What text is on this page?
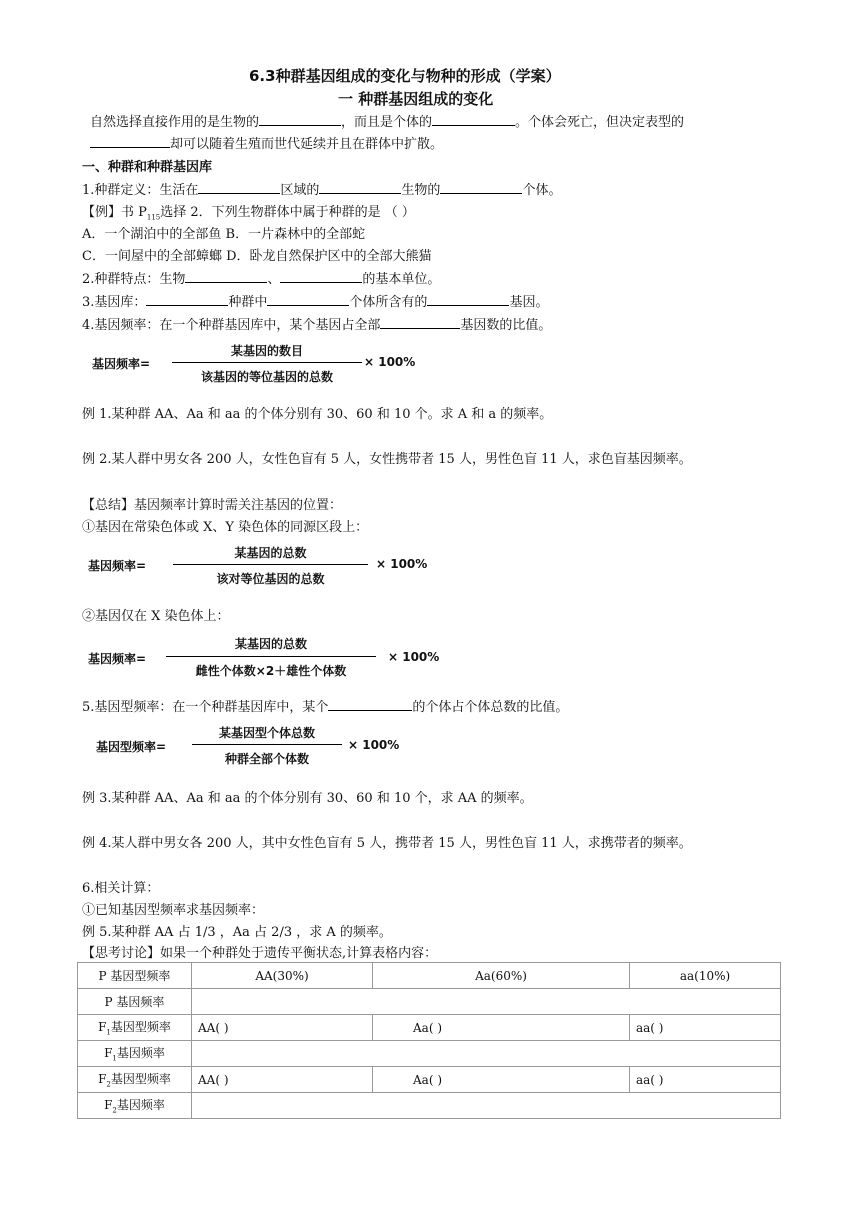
6.3种群基因组成的变化与物种的形成（学案）
一 种群基因组成的变化
自然选择直接作用的是生物的	，而且是个体的	。个体会死亡，但决定表型的
却可以随着生殖而世代延续并且在群体中扩散。
一、种群和种群基因库
1.种群定义：生活在	区域的	生物的	个体。
【例】书 $P_{115}$选择 2．下列生物群体中属于种群的是 （ ）
A．一个湖泊中的全部鱼 B．一片森林中的全部蛇
C．一间屋中的全部蟑螂 D．卧龙自然保护区中的全部大熊猫
2.种群特点：生物	、	的基本单位。
3.基因库：	种群中	个体所含有的	基因。
4.基因频率：在一个种群基因库中，某个基因占全部	基因数的比值。
基因频率=
某基因的数目
该基因的等位基因的总数
× 100%
例 1.某种群 AA、Aa 和 aa 的个体分别有 30、60 和 10 个。求 A 和 a 的频率。
例 2.某人群中男女各 200 人，女性色盲有 5 人，女性携带者 15 人，男性色盲 11 人，求色盲基因频率。
【总结】基因频率计算时需关注基因的位置：
①基因在常染色体或 X、Y 染色体的同源区段上：
基因频率=
某基因的总数
该对等位基因的总数
× 100%
②基因仅在 X 染色体上：
基因频率=
某基因的总数
雌性个体数×2＋雄性个体数
× 100%
5.基因型频率：在一个种群基因库中，某个	的个体占个体总数的比值。
基因型频率=
某基因型个体总数
种群全部个体数
× 100%
例 3.某种群 AA、Aa 和 aa 的个体分别有 30、60 和 10 个，求 AA 的频率。
例 4.某人群中男女各 200 人，其中女性色盲有 5 人，携带者 15 人，男性色盲 11 人，求携带者的频率。
6.相关计算：
①已知基因型频率求基因频率：
例 5.某种群 AA 占 1/3 ，Aa 占 2/3 ，求 A 的频率。
【思考讨论】如果一个种群处于遗传平衡状态,计算表格内容：
P 基因型频率	AA(30%)	Aa(60%)	aa(10%)
P 基因频率			
$F_1$基因型频率	AA( )	Aa( )	aa( )
$F_1$基因频率			
$F_2$基因型频率	AA( )	Aa( )	aa( )
$F_2$基因频率			
